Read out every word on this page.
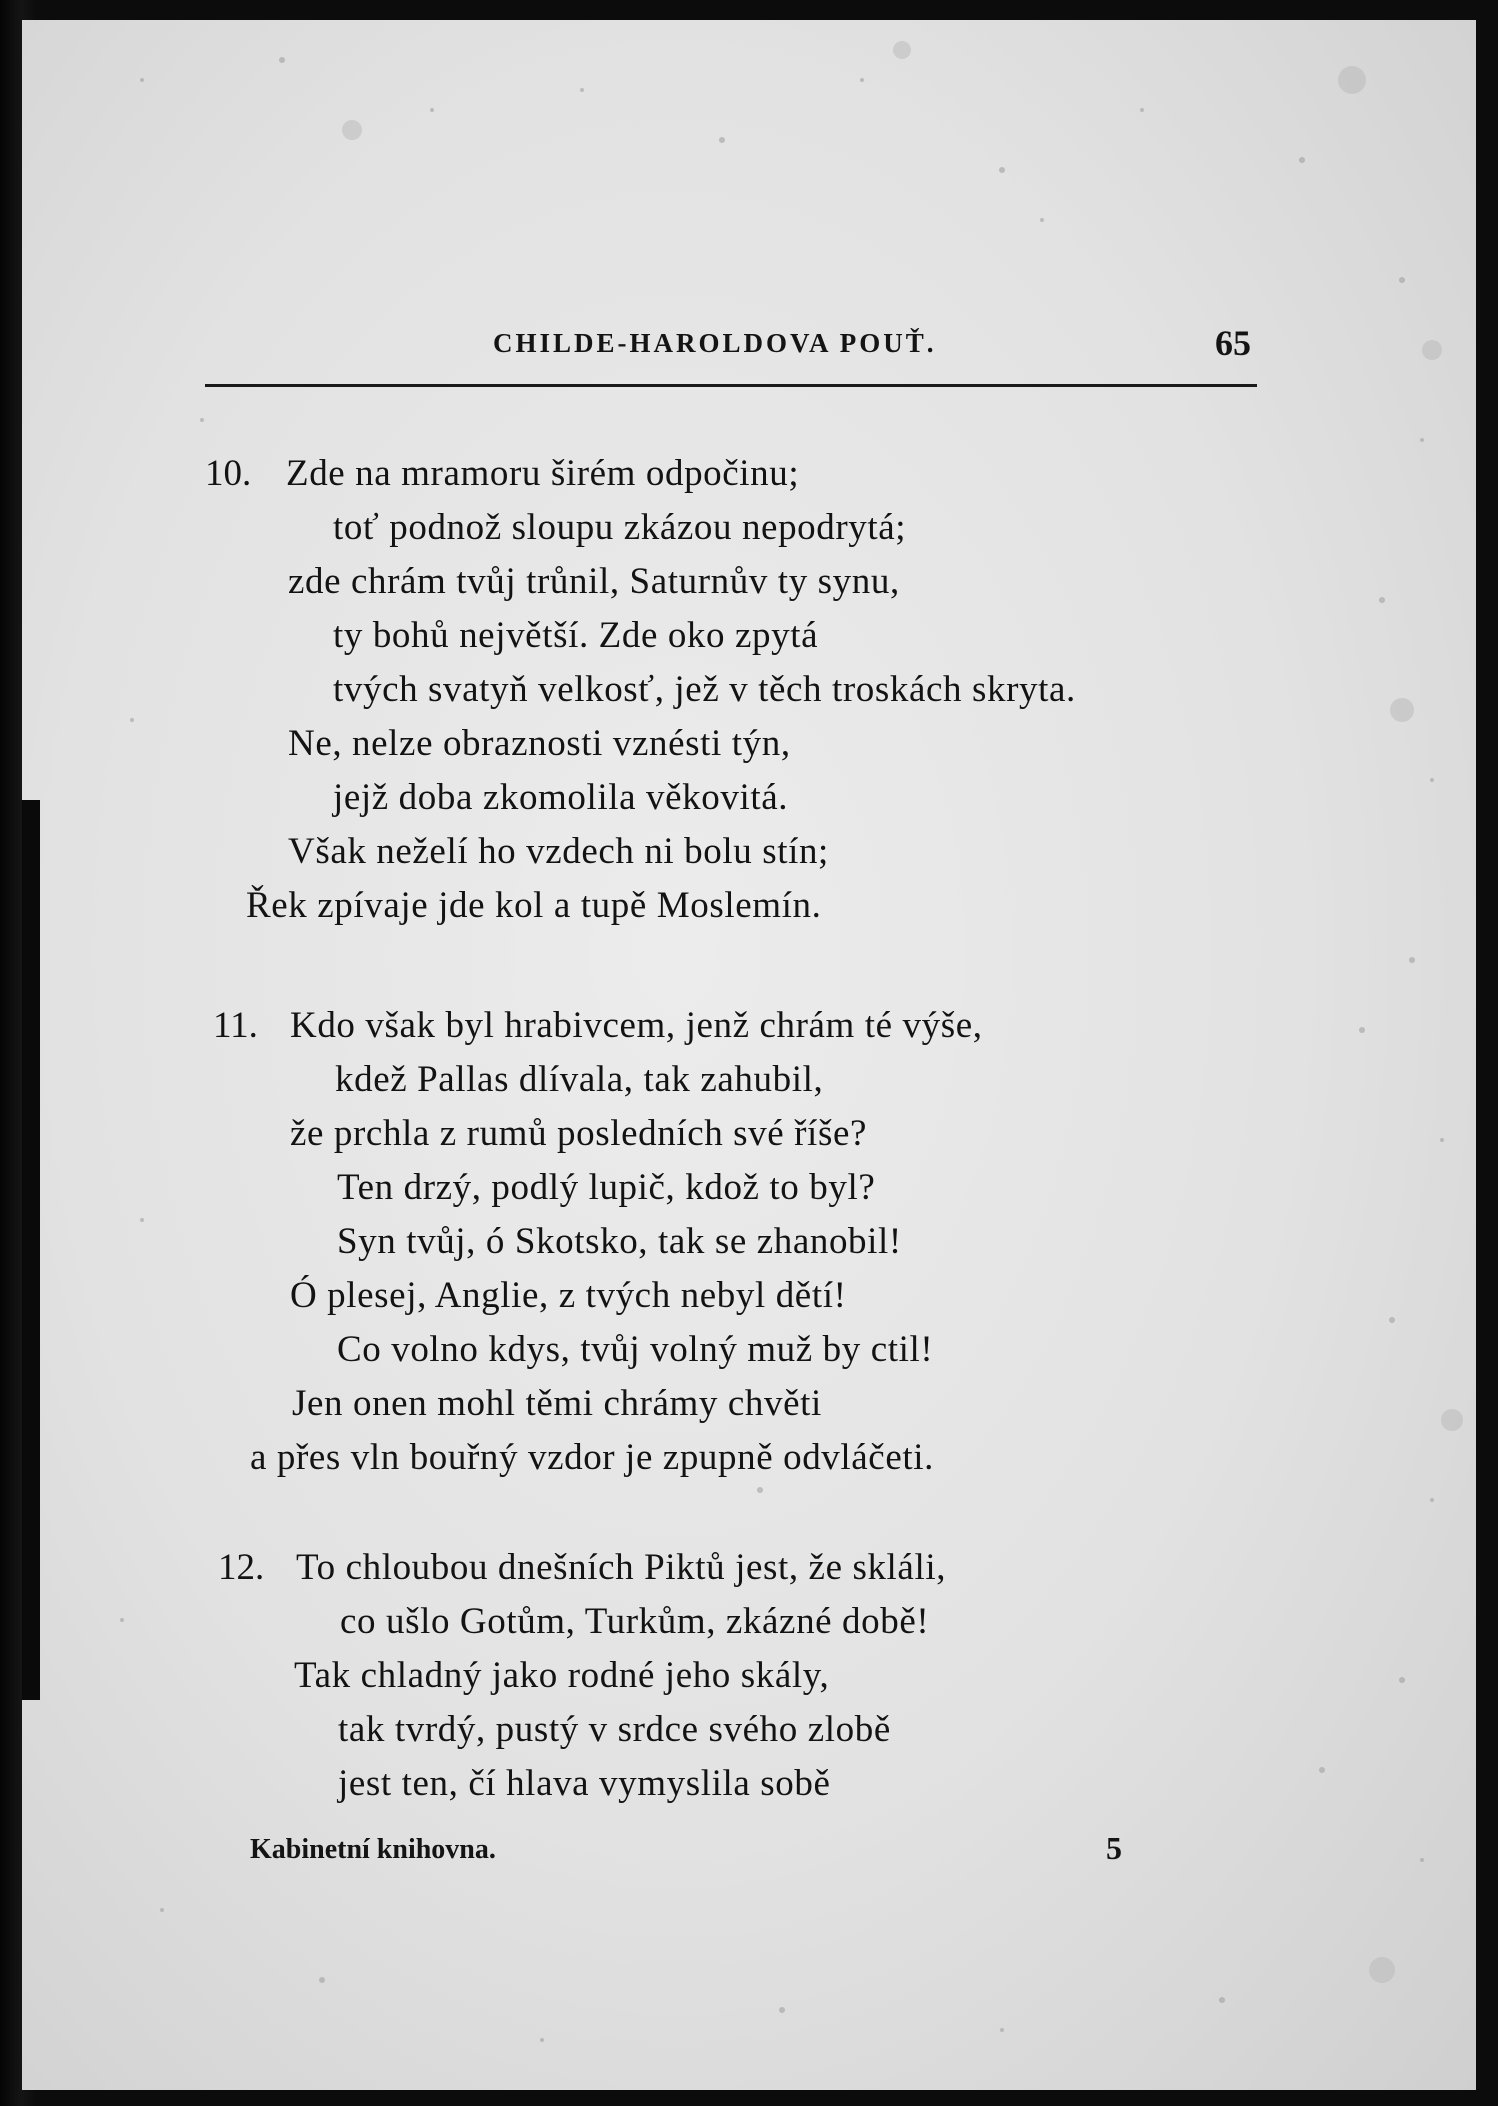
CHILDE-HAROLDOVA POUŤ.	65
10. Zde na mramoru širém odpočinu;
toť podnož sloupu zkázou nepodrytá;
zde chrám tvůj trůnil, Saturnův ty synu,
ty bohů největší. Zde oko zpytá
tvých svatyň velkosť, jež v těch troskách skryta.
Ne, nelze obraznosti vznésti týn,
jejž doba zkomolila věkovitá.
Však neželí ho vzdech ni bolu stín;
Řek zpívaje jde kol a tupě Moslemín.
11. Kdo však byl hrabivcem, jenž chrám té výše,
kdež Pallas dlívala, tak zahubil,
že prchla z rumů posledních své říše?
Ten drzý, podlý lupič, kdož to byl?
Syn tvůj, ó Skotsko, tak se zhanobil!
Ó plesej, Anglie, z tvých nebyl dětí!
Co volno kdys, tvůj volný muž by ctil!
Jen onen mohl těmi chrámy chvěti
a přes vln bouřný vzdor je zpupně odvláčeti.
12. To chloubou dnešních Piktů jest, že skláli,
co ušlo Gotům, Turkům, zkázné době!
Tak chladný jako rodné jeho skály,
tak tvrdý, pustý v srdce svého zlobě
jest ten, čí hlava vymyslila sobě
Kabinetní knihovna.	5
